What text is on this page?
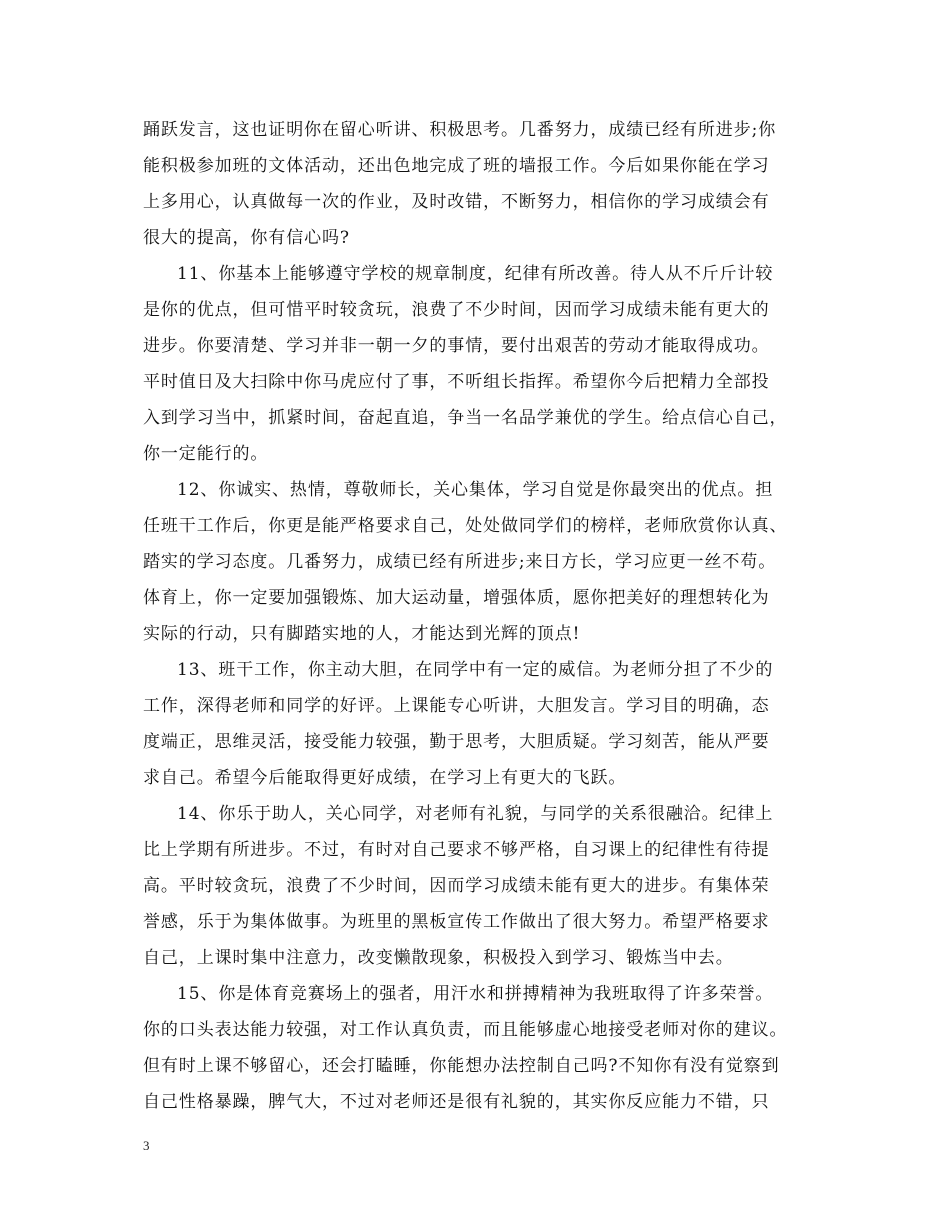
踊跃发言，这也证明你在留心听讲、积极思考。几番努力，成绩已经有所进步;你
能积极参加班的文体活动，还出色地完成了班的墙报工作。今后如果你能在学习
上多用心，认真做每一次的作业，及时改错，不断努力，相信你的学习成绩会有
很大的提高，你有信心吗?
11、你基本上能够遵守学校的规章制度，纪律有所改善。待人从不斤斤计较
是你的优点，但可惜平时较贪玩，浪费了不少时间，因而学习成绩未能有更大的
进步。你要清楚、学习并非一朝一夕的事情，要付出艰苦的劳动才能取得成功。
平时值日及大扫除中你马虎应付了事，不听组长指挥。希望你今后把精力全部投
入到学习当中，抓紧时间，奋起直追，争当一名品学兼优的学生。给点信心自己，
你一定能行的。
12、你诚实、热情，尊敬师长，关心集体，学习自觉是你最突出的优点。担
任班干工作后，你更是能严格要求自己，处处做同学们的榜样，老师欣赏你认真、
踏实的学习态度。几番努力，成绩已经有所进步;来日方长，学习应更一丝不苟。
体育上，你一定要加强锻炼、加大运动量，增强体质，愿你把美好的理想转化为
实际的行动，只有脚踏实地的人，才能达到光辉的顶点!
13、班干工作，你主动大胆，在同学中有一定的威信。为老师分担了不少的
工作，深得老师和同学的好评。上课能专心听讲，大胆发言。学习目的明确，态
度端正，思维灵活，接受能力较强，勤于思考，大胆质疑。学习刻苦，能从严要
求自己。希望今后能取得更好成绩，在学习上有更大的飞跃。
14、你乐于助人，关心同学，对老师有礼貌，与同学的关系很融洽。纪律上
比上学期有所进步。不过，有时对自己要求不够严格，自习课上的纪律性有待提
高。平时较贪玩，浪费了不少时间，因而学习成绩未能有更大的进步。有集体荣
誉感，乐于为集体做事。为班里的黑板宣传工作做出了很大努力。希望严格要求
自己，上课时集中注意力，改变懒散现象，积极投入到学习、锻炼当中去。
15、你是体育竞赛场上的强者，用汗水和拼搏精神为我班取得了许多荣誉。
你的口头表达能力较强，对工作认真负责，而且能够虚心地接受老师对你的建议。
但有时上课不够留心，还会打瞌睡，你能想办法控制自己吗?不知你有没有觉察到
自己性格暴躁，脾气大，不过对老师还是很有礼貌的，其实你反应能力不错，只
3
